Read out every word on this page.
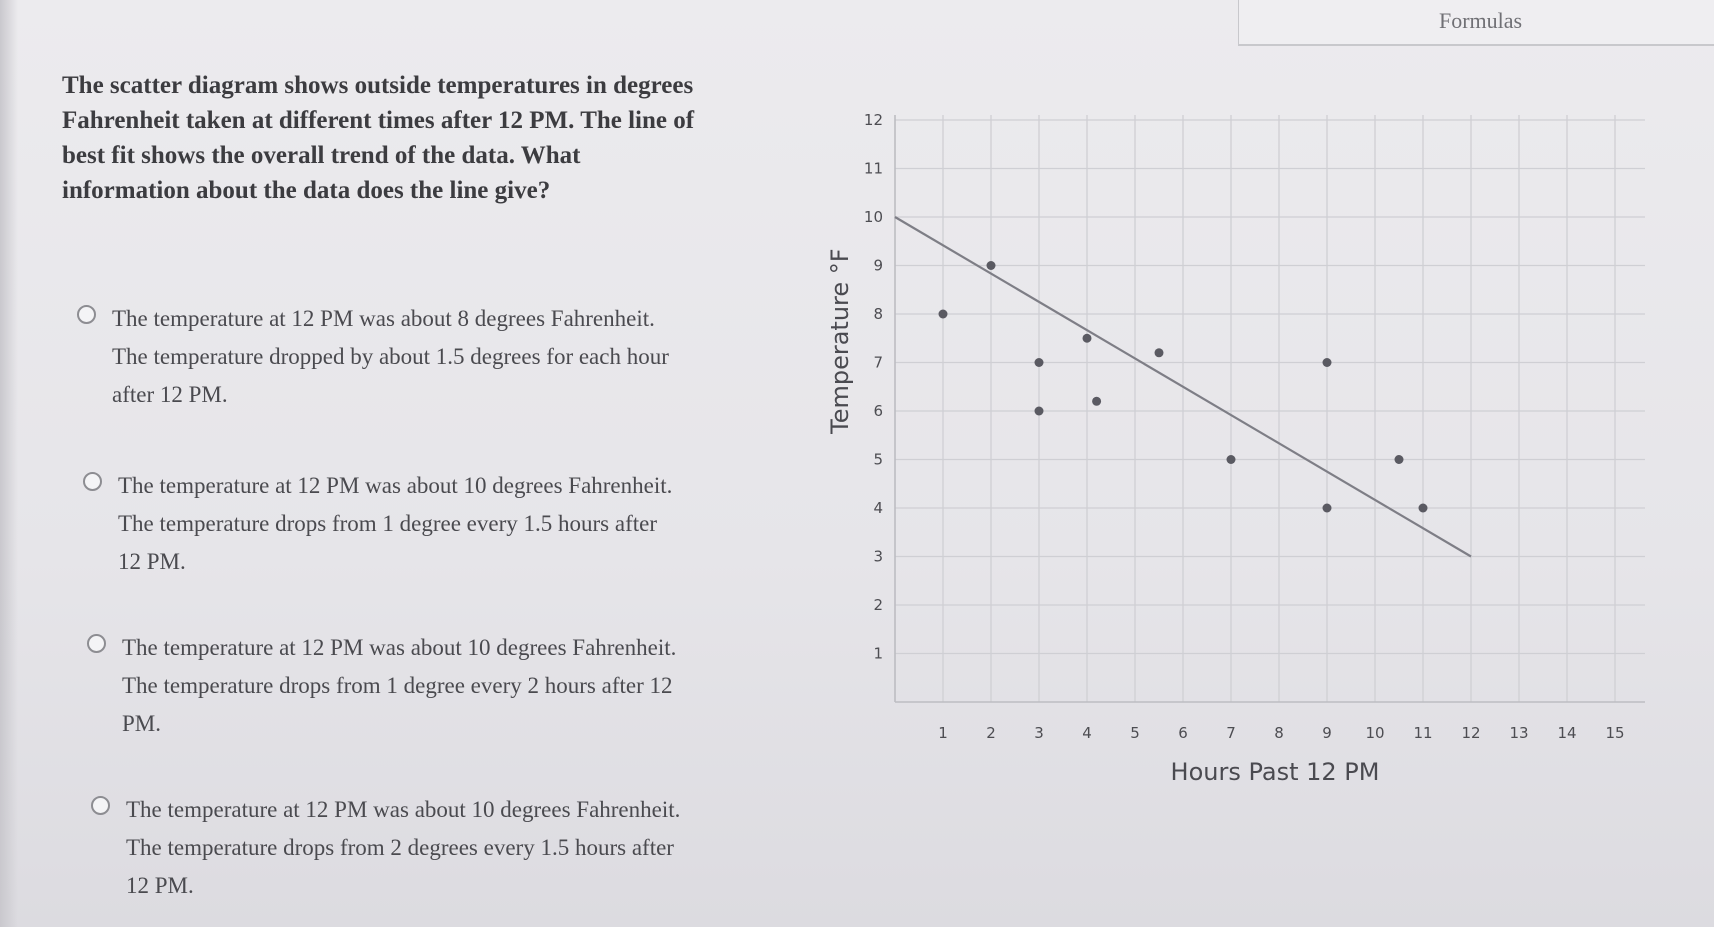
Formulas
The scatter diagram shows outside temperatures in degrees Fahrenheit taken at different times after 12 PM. The line of best fit shows the overall trend of the data. What information about the data does the line give?
The temperature at 12 PM was about 8 degrees Fahrenheit. The temperature dropped by about 1.5 degrees for each hour after 12 PM.
The temperature at 12 PM was about 10 degrees Fahrenheit. The temperature drops from 1 degree every 1.5 hours after 12 PM.
The temperature at 12 PM was about 10 degrees Fahrenheit. The temperature drops from 1 degree every 2 hours after 12 PM.
The temperature at 12 PM was about 10 degrees Fahrenheit. The temperature drops from 2 degrees every 1.5 hours after 12 PM.
1	2	3	4	5	6	7	8	9 10 11 12 13 14 15
1
2
3
4
5
6
7
8
9
10
11
12
Hours Past 12 PM
Temperature °F
